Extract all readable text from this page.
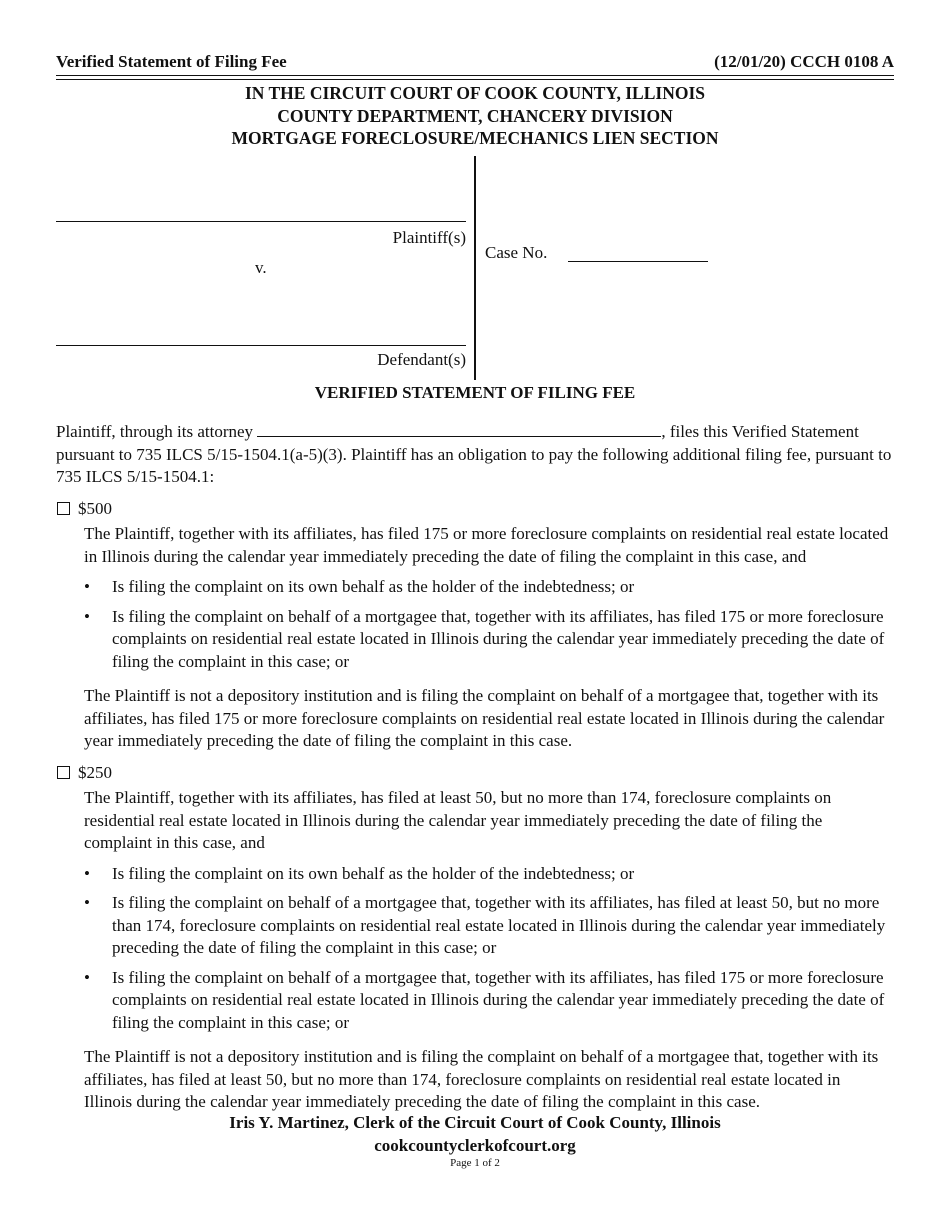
Verified Statement of Filing Fee	(12/01/20) CCCH 0108 A
IN THE CIRCUIT COURT OF COOK COUNTY, ILLINOIS
COUNTY DEPARTMENT, CHANCERY DIVISION
MORTGAGE FORECLOSURE/MECHANICS LIEN SECTION
Plaintiff(s)
v.
Defendant(s)
Case No.
VERIFIED STATEMENT OF FILING FEE

Plaintiff, through its attorney	, files this Verified Statement pursuant to 735 ILCS 5/15-1504.1(a-5)(3). Plaintiff has an obligation to pay the following additional filing fee, pursuant to 735 ILCS 5/15-1504.1:

$500
The Plaintiff, together with its affiliates, has filed 175 or more foreclosure complaints on residential real estate located in Illinois during the calendar year immediately preceding the date of filing the complaint in this case, and
• Is filing the complaint on its own behalf as the holder of the indebtedness; or
• Is filing the complaint on behalf of a mortgagee that, together with its affiliates, has filed 175 or more foreclosure complaints on residential real estate located in Illinois during the calendar year immediately preceding the date of filing the complaint in this case; or
The Plaintiff is not a depository institution and is filing the complaint on behalf of a mortgagee that, together with its affiliates, has filed 175 or more foreclosure complaints on residential real estate located in Illinois during the calendar year immediately preceding the date of filing the complaint in this case.
$250
The Plaintiff, together with its affiliates, has filed at least 50, but no more than 174, foreclosure complaints on residential real estate located in Illinois during the calendar year immediately preceding the date of filing the complaint in this case, and
• Is filing the complaint on its own behalf as the holder of the indebtedness; or
• Is filing the complaint on behalf of a mortgagee that, together with its affiliates, has filed at least 50, but no more than 174, foreclosure complaints on residential real estate located in Illinois during the calendar year immediately preceding the date of filing the complaint in this case; or
• Is filing the complaint on behalf of a mortgagee that, together with its affiliates, has filed 175 or more foreclosure complaints on residential real estate located in Illinois during the calendar year immediately preceding the date of filing the complaint in this case; or
The Plaintiff is not a depository institution and is filing the complaint on behalf of a mortgagee that, together with its affiliates, has filed at least 50, but no more than 174, foreclosure complaints on residential real estate located in Illinois during the calendar year immediately preceding the date of filing the complaint in this case.
Iris Y. Martinez, Clerk of the Circuit Court of Cook County, Illinois
cookcountyclerkofcourt.org
Page 1 of 2
